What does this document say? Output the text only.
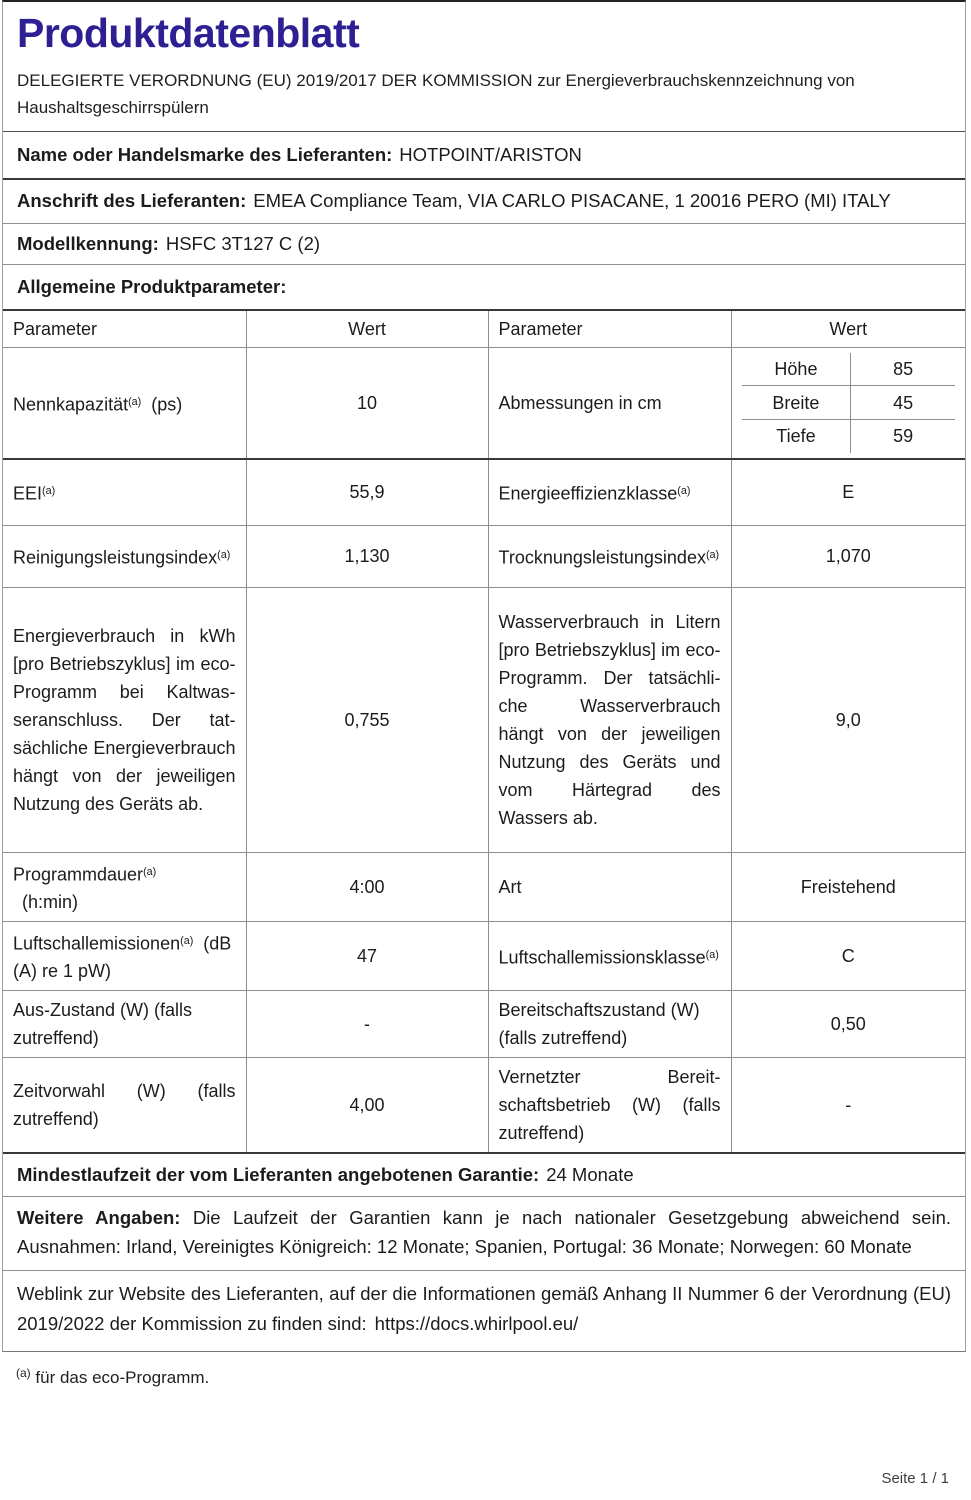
Produktdatenblatt
DELEGIERTE VERORDNUNG (EU) 2019/2017 DER KOMMISSION zur Energieverbrauchskennzeichnung von Haushaltsgeschirrspülern
Name oder Handelsmarke des Lieferanten: HOTPOINT/ARISTON
Anschrift des Lieferanten: EMEA Compliance Team, VIA CARLO PISACANE, 1 20016 PERO (MI) ITALY
Modellkennung: HSFC 3T127 C (2)
Allgemeine Produktparameter:
Parameter	Wert	Parameter	Wert
Nennkapazität$^{(a)}$  (ps)	10	Abmessungen in cm	
Höhe	85
Breite	45
Tiefe	59

EEI$^{(a)}$	55,9	Energieeffizienzklasse$^{(a)}$	E
Reinigungsleistungsindex$^{(a)}$	1,130	Trocknungsleistungsindex$^{(a)}$	1,070
Energieverbrauch in kWh [pro Betriebszyklus] im eco-Programm bei Kaltwasseranschluss. Der tatsächliche Energieverbrauch hängt von der jeweiligen Nutzung des Geräts ab.	0,755	Wasserverbrauch in Litern [pro Betriebszyklus] im eco-Programm. Der tatsächliche Wasserverbrauch hängt von der jeweiligen Nutzung des Geräts und vom Härtegrad des Wassers ab.	9,0
Programmdauer$^{(a)}$
(h:min)	4:00	Art	Freistehend
Luftschallemissionen$^{(a)}$  (dB (A) re 1 pW)	47	Luftschallemissionsklasse$^{(a)}$	C
Aus-Zustand (W) (falls zutreffend)	-	Bereitschaftszustand (W) (falls zutreffend)	0,50
Zeitvorwahl (W) (falls zutreffend)	4,00	Vernetzter Bereitschaftsbetrieb (W) (falls zutreffend)	-
Mindestlaufzeit der vom Lieferanten angebotenen Garantie: 24 Monate
Weitere Angaben: Die Laufzeit der Garantien kann je nach nationaler Gesetzgebung abweichend sein. Ausnahmen: Irland, Vereinigtes Königreich: 12 Monate; Spanien, Portugal: 36 Monate; Norwegen: 60 Monate
Weblink zur Website des Lieferanten, auf der die Informationen gemäß Anhang II Nummer 6 der Verordnung (EU) 2019/2022 der Kommission zu finden sind: https://docs.whirlpool.eu/
$^{(a)}$ für das eco-Programm.
Seite 1 / 1
